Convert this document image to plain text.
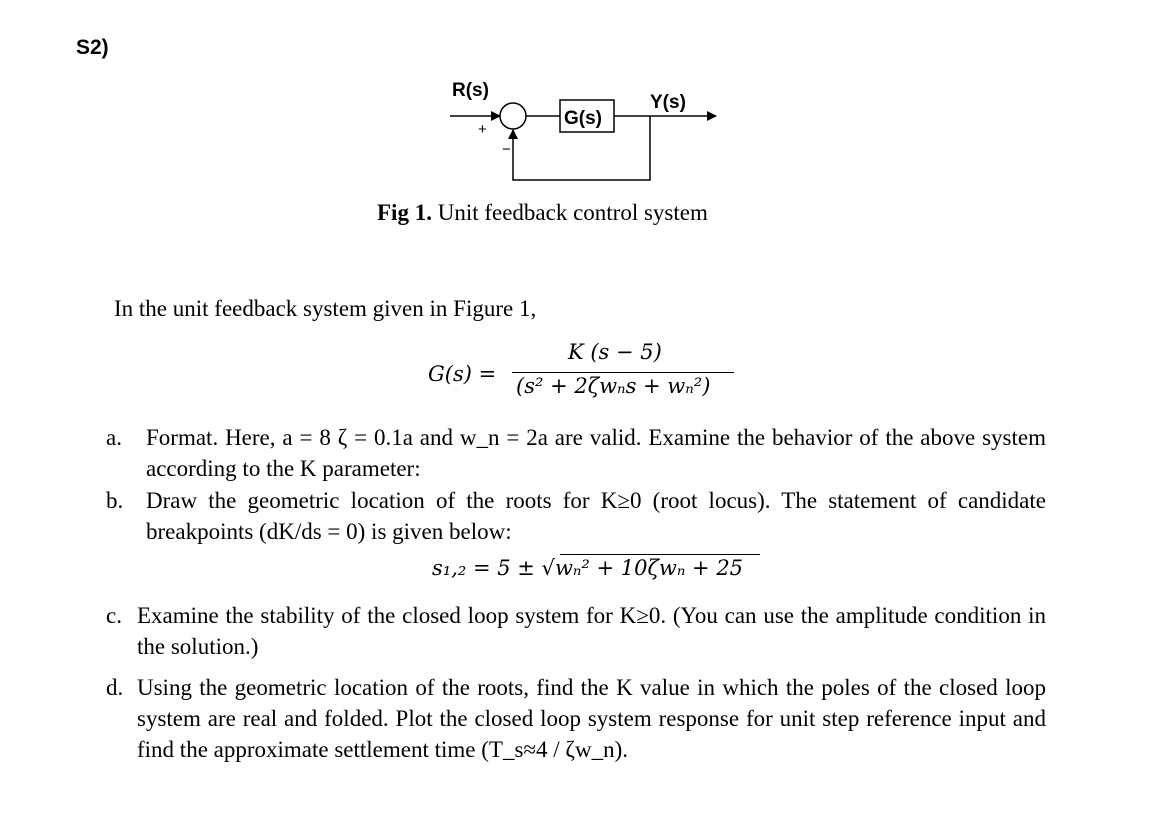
S2)
R(s)
+
−
G(s)
Y(s)
Fig 1. Unit feedback control system
In the unit feedback system given in Figure 1,
G(s) =
K (s − 5)
(s² + 2ζwₙs + wₙ²)
a. Format. Here, a = 8 ζ = 0.1a and w_n = 2a are valid. Examine the behavior of the above system according to the K parameter:
b. Draw the geometric location of the roots for K≥0 (root locus). The statement of candidate breakpoints (dK/ds = 0) is given below:
s₁,₂ = 5 ± √wₙ² + 10ζwₙ + 25
c. Examine the stability of the closed loop system for K≥0. (You can use the amplitude condition in the solution.)
d. Using the geometric location of the roots, find the K value in which the poles of the closed loop system are real and folded. Plot the closed loop system response for unit step reference input and find the approximate settlement time (T_s≈4 / ζw_n).
